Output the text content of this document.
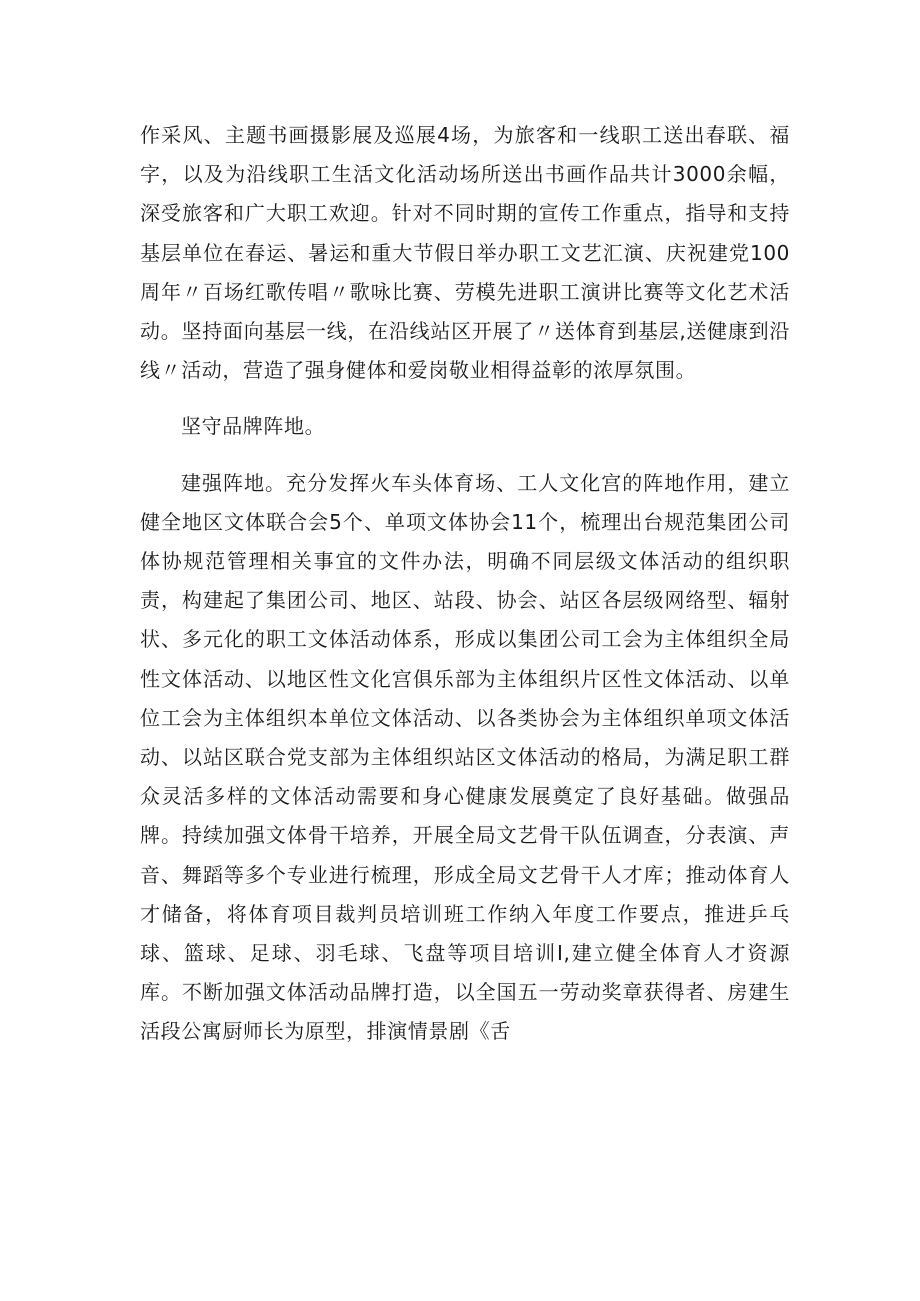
作采风、主题书画摄影展及巡展4场，为旅客和一线职工送出春联、福字，以及为沿线职工生活文化活动场所送出书画作品共计3000余幅，深受旅客和广大职工欢迎。针对不同时期的宣传工作重点，指导和支持基层单位在春运、暑运和重大节假日举办职工文艺汇演、庆祝建党100周年〃百场红歌传唱〃歌咏比赛、劳模先进职工演讲比赛等文化艺术活动。坚持面向基层一线，在沿线站区开展了〃送体育到基层,送健康到沿线〃活动，营造了强身健体和爱岗敬业相得益彰的浓厚氛围。

坚守品牌阵地。

建强阵地。充分发挥火车头体育场、工人文化宫的阵地作用，建立健全地区文体联合会5个、单项文体协会11个，梳理出台规范集团公司体协规范管理相关事宜的文件办法，明确不同层级文体活动的组织职责，构建起了集团公司、地区、站段、协会、站区各层级网络型、辐射状、多元化的职工文体活动体系，形成以集团公司工会为主体组织全局性文体活动、以地区性文化宫俱乐部为主体组织片区性文体活动、以单位工会为主体组织本单位文体活动、以各类协会为主体组织单项文体活动、以站区联合党支部为主体组织站区文体活动的格局，为满足职工群众灵活多样的文体活动需要和身心健康发展奠定了良好基础。做强品牌。持续加强文体骨干培养，开展全局文艺骨干队伍调查，分表演、声音、舞蹈等多个专业进行梳理，形成全局文艺骨干人才库；推动体育人才储备，将体育项目裁判员培训班工作纳入年度工作要点，推进乒乓球、篮球、足球、羽毛球、飞盘等项目培训I,建立健全体育人才资源库。不断加强文体活动品牌打造，以全国五一劳动奖章获得者、房建生活段公寓厨师长为原型，排演情景剧《舌
